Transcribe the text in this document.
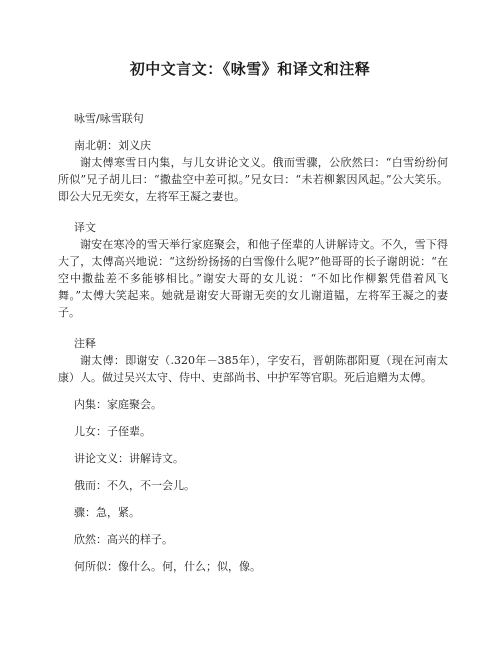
初中文言文：《咏雪》和译文和注释

咏雪/咏雪联句

南北朝：刘义庆

谢太傅寒雪日内集，与儿女讲论文义。俄而雪骤，公欣然曰：“白雪纷纷何所似”兄子胡儿曰：“撒盐空中差可拟。”兄女曰：“未若柳絮因风起。”公大笑乐。即公大兄无奕女，左将军王凝之妻也。

译文

谢安在寒冷的雪天举行家庭聚会，和他子侄辈的人讲解诗文。不久，雪下得大了，太傅高兴地说：“这纷纷扬扬的白雪像什么呢?”他哥哥的长子谢朗说：“在空中撒盐差不多能够相比。”谢安大哥的女儿说：“不如比作柳絮凭借着风飞舞。”太傅大笑起来。她就是谢安大哥谢无奕的女儿谢道韫，左将军王凝之的妻子。

注释

谢太傅：即谢安（.320年－385年），字安石，晋朝陈郡阳夏（现在河南太康）人。做过吴兴太守、侍中、吏部尚书、中护军等官职。死后追赠为太傅。

内集：家庭聚会。

儿女：子侄辈。

讲论文义：讲解诗文。

俄而：不久，不一会儿。

骤：急，紧。

欣然：高兴的样子。

何所似：像什么。何，什么；似，像。
